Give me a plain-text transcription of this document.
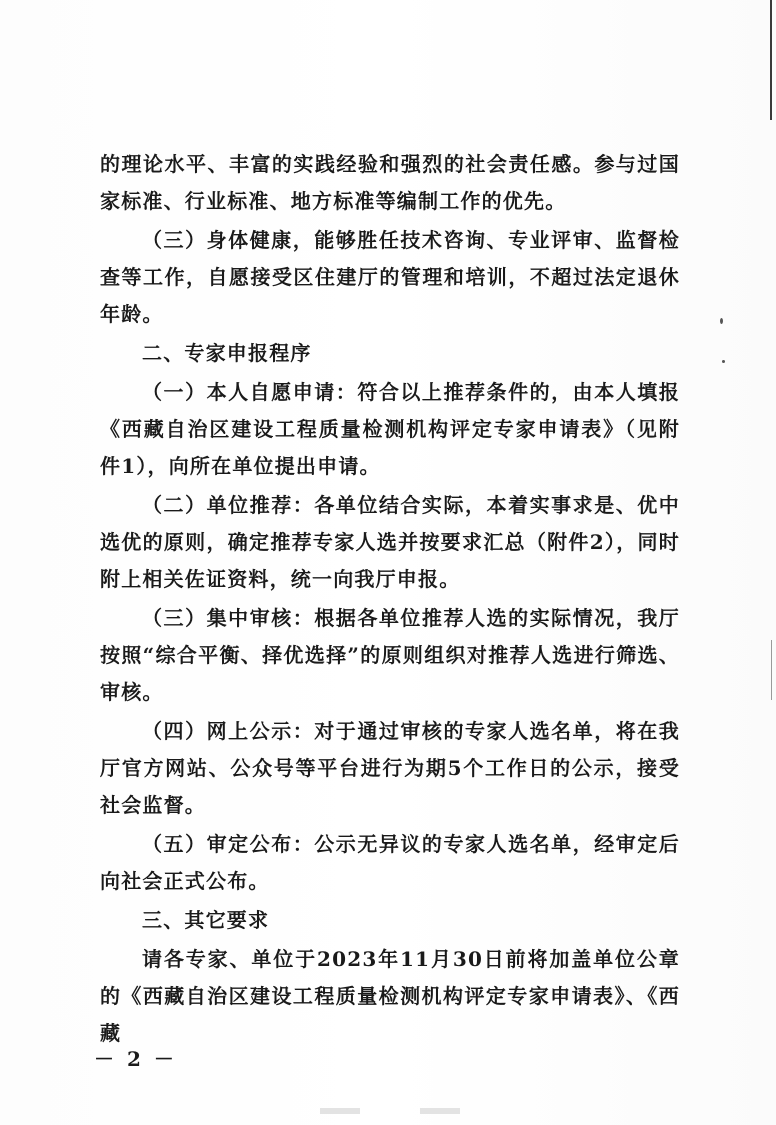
的理论水平、丰富的实践经验和强烈的社会责任感。参与过国家标准、行业标准、地方标准等编制工作的优先。

（三）身体健康，能够胜任技术咨询、专业评审、监督检查等工作，自愿接受区住建厅的管理和培训，不超过法定退休年龄。

二、专家申报程序

（一）本人自愿申请：符合以上推荐条件的，由本人填报《西藏自治区建设工程质量检测机构评定专家申请表》（见附件1），向所在单位提出申请。

（二）单位推荐：各单位结合实际，本着实事求是、优中选优的原则，确定推荐专家人选并按要求汇总（附件2），同时附上相关佐证资料，统一向我厅申报。

（三）集中审核：根据各单位推荐人选的实际情况，我厅按照“综合平衡、择优选择”的原则组织对推荐人选进行筛选、审核。

（四）网上公示：对于通过审核的专家人选名单，将在我厅官方网站、公众号等平台进行为期5个工作日的公示，接受社会监督。

（五）审定公布：公示无异议的专家人选名单，经审定后向社会正式公布。

三、其它要求

请各专家、单位于2023年11月30日前将加盖单位公章的《西藏自治区建设工程质量检测机构评定专家申请表》、《西藏

－ 2 －
